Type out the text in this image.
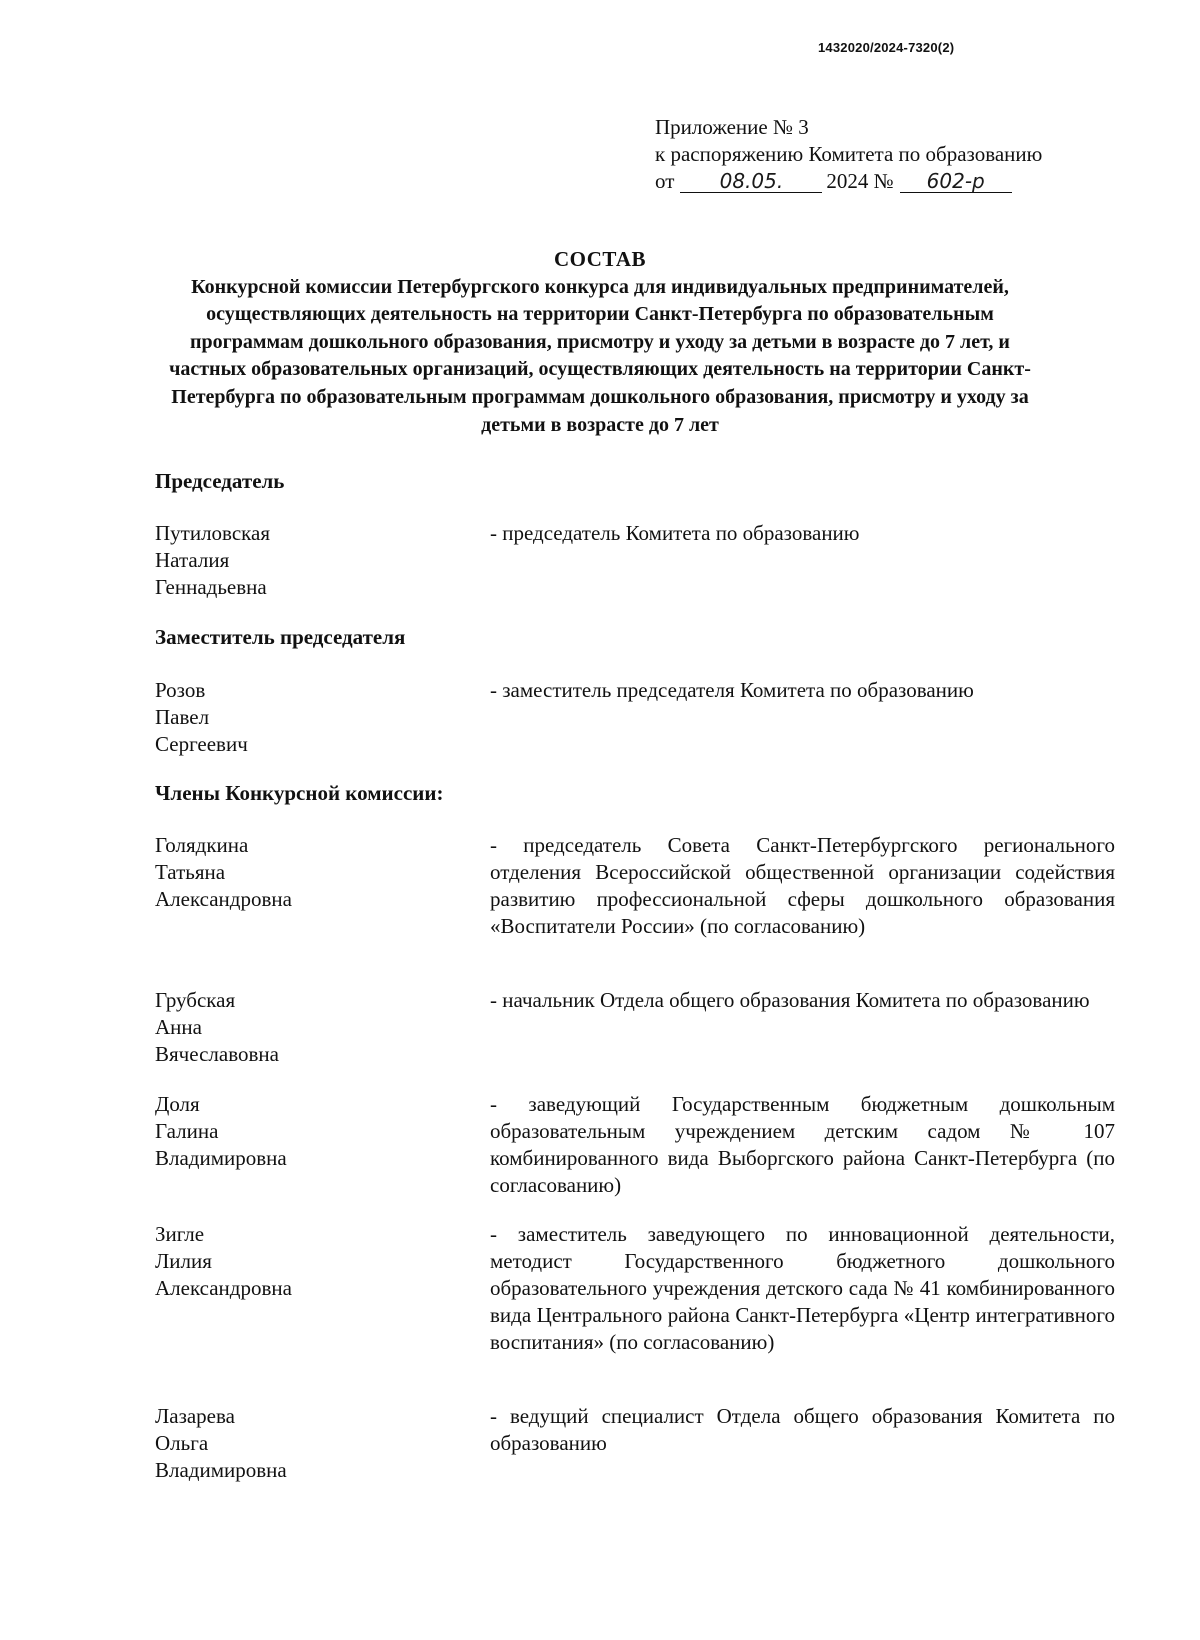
1432020/2024-7320(2)
Приложение № 3
к распоряжению Комитета по образованию
от 08.05. 2024 № 602-р
СОСТАВ
Конкурсной комиссии Петербургского конкурса для индивидуальных предпринимателей, осуществляющих деятельность на территории Санкт-Петербурга по образовательным программам дошкольного образования, присмотру и уходу за детьми в возрасте до 7 лет, и частных образовательных организаций, осуществляющих деятельность на территории Санкт-Петербурга по образовательным программам дошкольного образования, присмотру и уходу за детьми в возрасте до 7 лет
Председатель
Путиловская
Наталия
Геннадьевна
- председатель Комитета по образованию
Заместитель председателя
Розов
Павел
Сергеевич
- заместитель председателя Комитета по образованию
Члены Конкурсной комиссии:
Голядкина
Татьяна
Александровна
- председатель Совета Санкт-Петербургского регионального отделения Всероссийской общественной организации содействия развитию профессиональной сферы дошкольного образования «Воспитатели России» (по согласованию)
Грубская
Анна
Вячеславовна
- начальник Отдела общего образования Комитета по образованию
Доля
Галина
Владимировна
- заведующий Государственным бюджетным дошкольным образовательным учреждением детским садом № 107 комбинированного вида Выборгского района Санкт-Петербурга (по согласованию)
Зигле
Лилия
Александровна
- заместитель заведующего по инновационной деятельности, методист Государственного бюджетного дошкольного образовательного учреждения детского сада № 41 комбинированного вида Центрального района Санкт-Петербурга «Центр интегративного воспитания» (по согласованию)
Лазарева
Ольга
Владимировна
- ведущий специалист Отдела общего образования Комитета по образованию
